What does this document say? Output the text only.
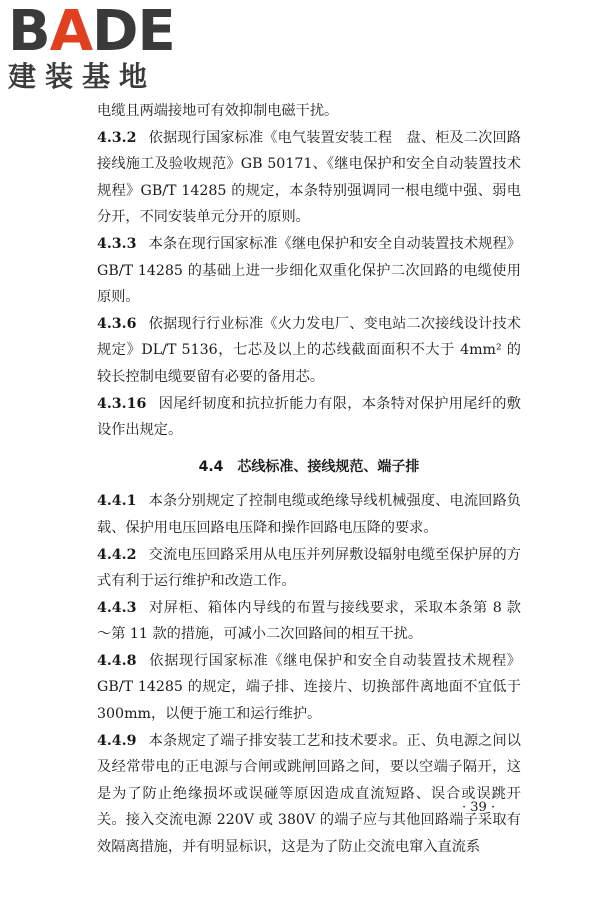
BADE
建装基地

电缆且两端接地可有效抑制电磁干扰。

4.3.2 依据现行国家标准《电气装置安装工程　盘、柜及二次回路接线施工及验收规范》GB 50171、《继电保护和安全自动装置技术规程》GB/T 14285 的规定，本条特别强调同一根电缆中强、弱电分开，不同安装单元分开的原则。

4.3.3 本条在现行国家标准《继电保护和安全自动装置技术规程》GB/T 14285 的基础上进一步细化双重化保护二次回路的电缆使用原则。

4.3.6 依据现行行业标准《火力发电厂、变电站二次接线设计技术规定》DL/T 5136，七芯及以上的芯线截面面积不大于 4mm² 的较长控制电缆要留有必要的备用芯。

4.3.16 因尾纤韧度和抗拉折能力有限，本条特对保护用尾纤的敷设作出规定。

4.4 芯线标准、接线规范、端子排

4.4.1 本条分别规定了控制电缆或绝缘导线机械强度、电流回路负载、保护用电压回路电压降和操作回路电压降的要求。

4.4.2 交流电压回路采用从电压并列屏敷设辐射电缆至保护屏的方式有利于运行维护和改造工作。

4.4.3 对屏柜、箱体内导线的布置与接线要求，采取本条第 8 款～第 11 款的措施，可减小二次回路间的相互干扰。

4.4.8 依据现行国家标准《继电保护和安全自动装置技术规程》GB/T 14285 的规定，端子排、连接片、切换部件离地面不宜低于 300mm，以便于施工和运行维护。

4.4.9 本条规定了端子排安装工艺和技术要求。正、负电源之间以及经常带电的正电源与合闸或跳闸回路之间，要以空端子隔开，这是为了防止绝缘损坏或误碰等原因造成直流短路、误合或误跳开关。接入交流电源 220V 或 380V 的端子应与其他回路端子采取有效隔离措施，并有明显标识，这是为了防止交流电窜入直流系

· 39 ·
